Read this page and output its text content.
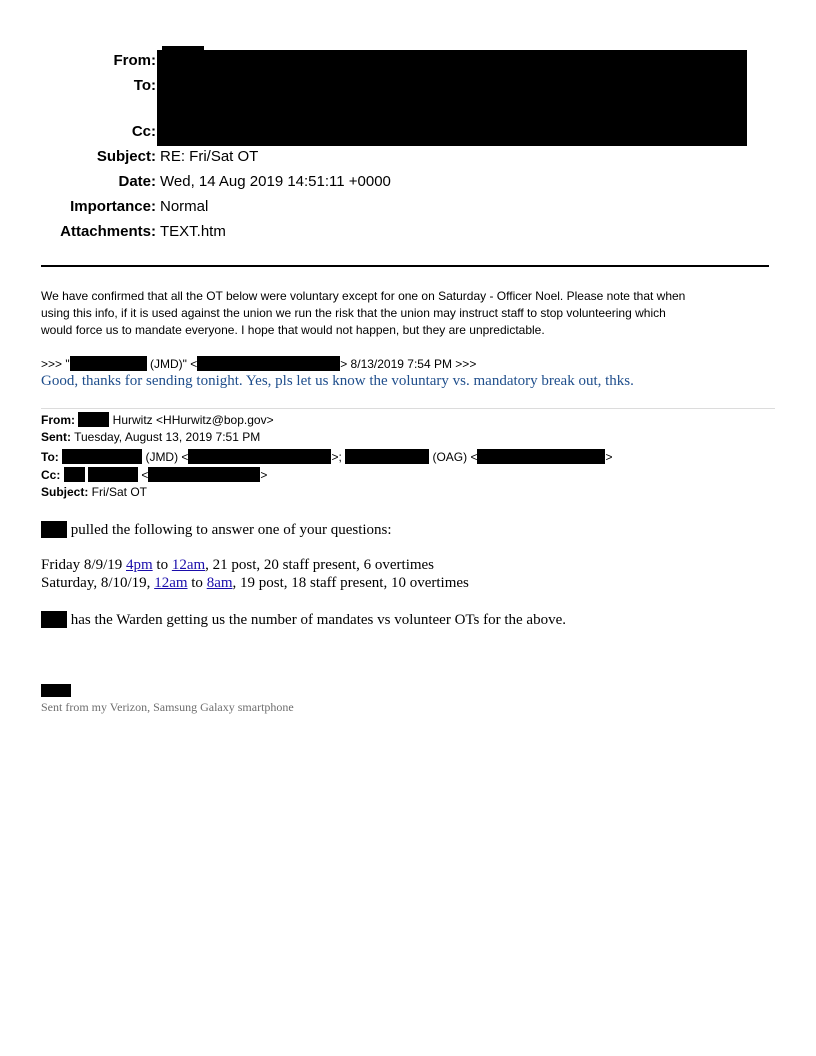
From:
To:
Cc:
Subject: RE: Fri/Sat OT
Date: Wed, 14 Aug 2019 14:51:11 +0000
Importance: Normal
Attachments: TEXT.htm
We have confirmed that all the OT below were voluntary except for one on Saturday - Officer Noel. Please note that when
using this info, if it is used against the union we run the risk that the union may instruct staff to stop volunteering which
would force us to mandate everyone. I hope that would not happen, but they are unpredictable.
>>> "	(JMD)" <	> 8/13/2019 7:54 PM >>>
Good, thanks for sending tonight. Yes, pls let us know the voluntary vs. mandatory break out, thks.
From:	Hurwitz <HHurwitz@bop.gov>
Sent: Tuesday, August 13, 2019 7:51 PM
To:	(JMD) <	>;	(OAG) <	>
Cc:	<	>
Subject: Fri/Sat OT
pulled the following to answer one of your questions:
Friday 8/9/19 4pm to 12am, 21 post, 20 staff present, 6 overtimes
Saturday, 8/10/19, 12am to 8am, 19 post, 18 staff present, 10 overtimes
has the Warden getting us the number of mandates vs volunteer OTs for the above.
Sent from my Verizon, Samsung Galaxy smartphone
